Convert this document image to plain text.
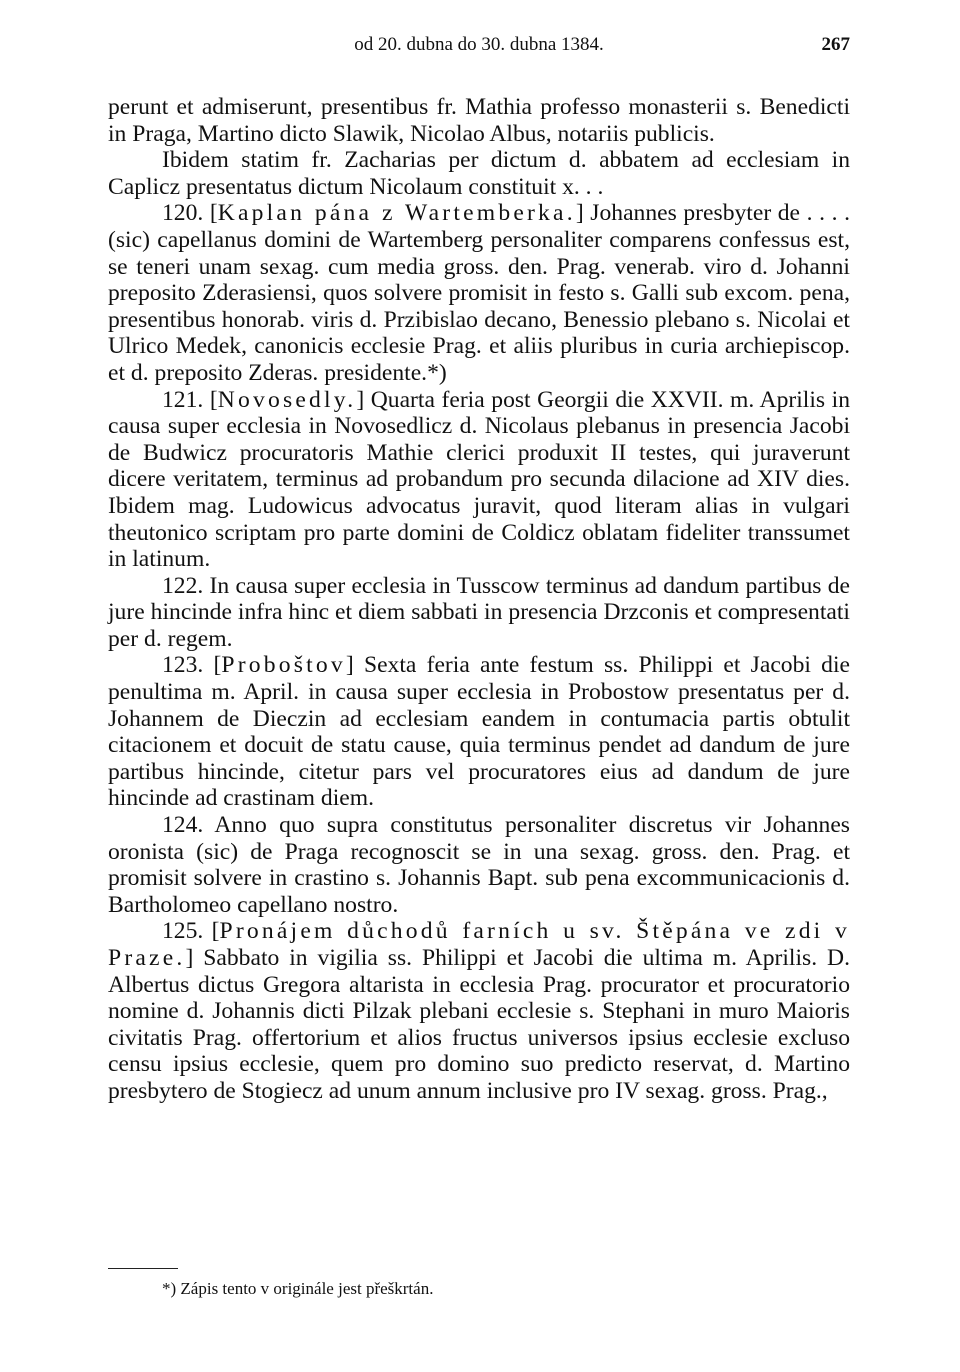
od 20. dubna do 30. dubna 1384.	267

perunt et admiserunt, presentibus fr. Mathia professo monasterii s. Benedicti in Praga, Martino dicto Slawik, Nicolao Albus, notariis publicis.

Ibidem statim fr. Zacharias per dictum d. abbatem ad ecclesiam in Caplicz presentatus dictum Nicolaum constituit x. . .

120. [Kaplan pána z Wartemberka.] Johannes presbyter de . . . . (sic) capellanus domini de Wartemberg personaliter comparens confessus est, se teneri unam sexag. cum media gross. den. Prag. venerab. viro d. Johanni preposito Zderasiensi, quos solvere promisit in festo s. Galli sub excom. pena, presentibus honorab. viris d. Przibislao decano, Benessio plebano s. Nicolai et Ulrico Medek, canonicis ecclesie Prag. et aliis pluribus in curia archiepiscop. et d. preposito Zderas. presidente.*)

121. [Novosedly.] Quarta feria post Georgii die XXVII. m. Aprilis in causa super ecclesia in Novosedlicz d. Nicolaus plebanus in presencia Jacobi de Budwicz procuratoris Mathie clerici produxit II testes, qui juraverunt dicere veritatem, terminus ad probandum pro secunda dilacione ad XIV dies. Ibidem mag. Ludowicus advocatus juravit, quod literam alias in vulgari theutonico scriptam pro parte domini de Coldicz oblatam fideliter transsumet in latinum.

122. In causa super ecclesia in Tusscow terminus ad dandum partibus de jure hincinde infra hinc et diem sabbati in presencia Drzconis et compresentati per d. regem.

123. [Proboštov] Sexta feria ante festum ss. Philippi et Jacobi die penultima m. April. in causa super ecclesia in Probostow presentatus per d. Johannem de Dieczin ad ecclesiam eandem in contumacia partis obtulit citacionem et docuit de statu cause, quia terminus pendet ad dandum de jure partibus hincinde, citetur pars vel procuratores eius ad dandum de jure hincinde ad crastinam diem.

124. Anno quo supra constitutus personaliter discretus vir Johannes oronista (sic) de Praga recognoscit se in una sexag. gross. den. Prag. et promisit solvere in crastino s. Johannis Bapt. sub pena excommunicacionis d. Bartholomeo capellano nostro.

125. [Pronájem důchodů farních u sv. Štěpána ve zdi v Praze.] Sabbato in vigilia ss. Philippi et Jacobi die ultima m. Aprilis. D. Albertus dictus Gregora altarista in ecclesia Prag. procurator et procuratorio nomine d. Johannis dicti Pilzak plebani ecclesie s. Stephani in muro Maioris civitatis Prag. offertorium et alios fructus universos ipsius ecclesie excluso censu ipsius ecclesie, quem pro domino suo predicto reservat, d. Martino presbytero de Stogiecz ad unum annum inclusive pro IV sexag. gross. Prag.,

*) Zápis tento v originále jest přeškrtán.
